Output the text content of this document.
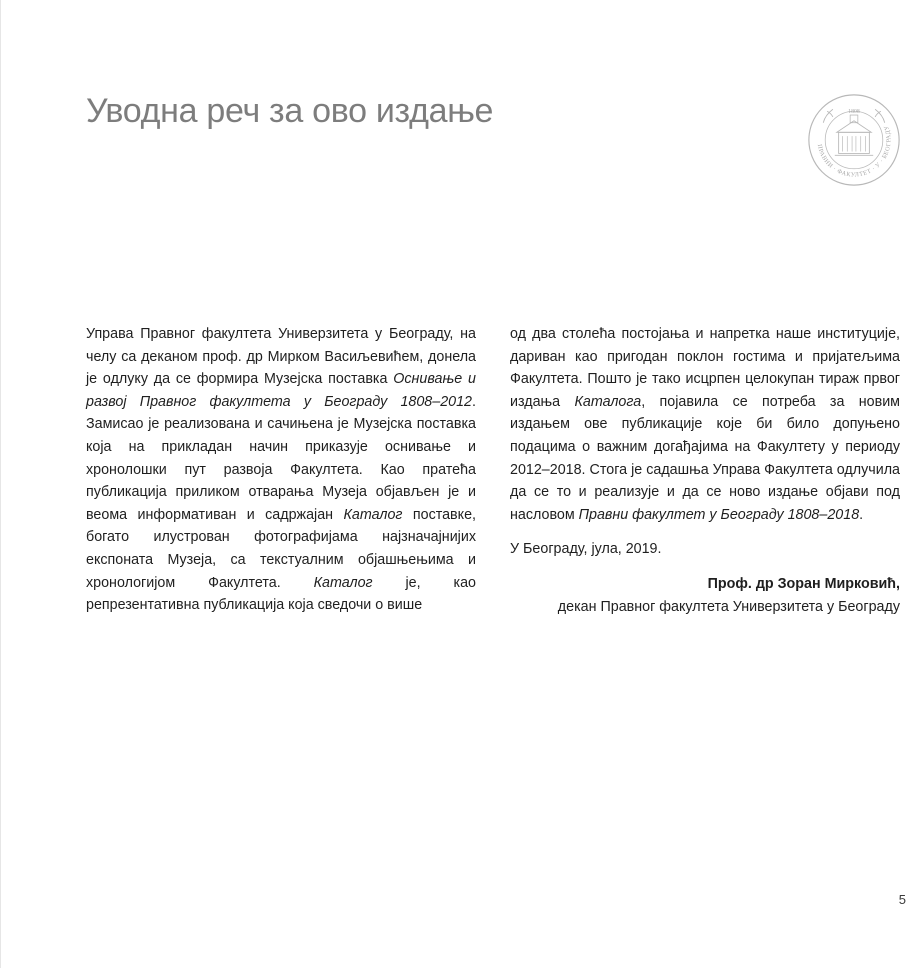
Уводна реч за ово издање	1808
ПРАВНИ · ФАКУЛТЕТ · У · БЕОГРАДУ

Управа Правног факултета Универзитета у Београду, на челу са деканом проф. др Мирком Васиљевићем, донела је одлуку да се формира Музејска поставка Оснивање и развој Правног факултета у Београду 1808–2012. Замисао је реализована и сачињена је Музејска поставка која на прикладан начин приказује оснивање и хронолошки пут развоја Факултета. Као пратећа публикација приликом отварања Музеја објављен је и веома информативан и садржајан Каталог поставке, богато илустрован фотографијама најзначајнијих експоната Музеја, са текстуалним објашњењима и хронологијом Факултета. Каталог је, као репрезентативна публикација која сведочи о више

од два столећа постојања и напретка наше институције, дариван као пригодан поклон гостима и пријатељима Факултета. Пошто је тако исцрпен целокупан тираж првог издања Каталога, појавила се потреба за новим издањем ове публикације које би било допуњено подацима о важним догађајима на Факултету у периоду 2012–2018. Стога је садашња Управа Факултета одлучила да се то и реализује и да се ново издање објави под насловом Правни факултет у Београду 1808–2018.

У Београду, јула, 2019.

Проф. др Зоран Мирковић,
декан Правног факултета Универзитета у Београду
5
